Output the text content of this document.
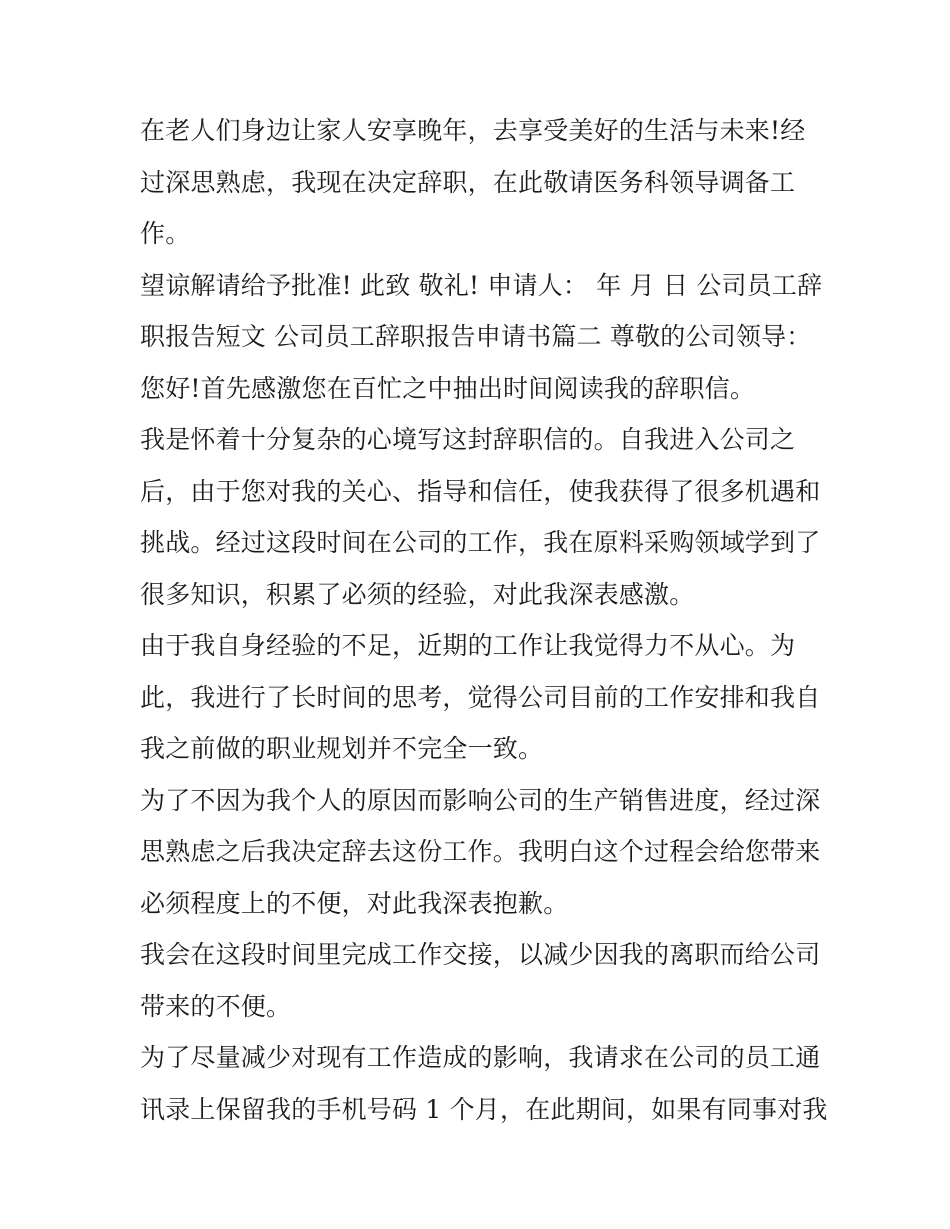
在老人们身边让家人安享晚年，去享受美好的生活与未来!经
过深思熟虑，我现在决定辞职，在此敬请医务科领导调备工
作。
望谅解请给予批准! 此致 敬礼! 申请人： 年 月 日 公司员工辞
职报告短文 公司员工辞职报告申请书篇二 尊敬的公司领导：
您好!首先感激您在百忙之中抽出时间阅读我的辞职信。
我是怀着十分复杂的心境写这封辞职信的。自我进入公司之
后，由于您对我的关心、指导和信任，使我获得了很多机遇和
挑战。经过这段时间在公司的工作，我在原料采购领域学到了
很多知识，积累了必须的经验，对此我深表感激。
由于我自身经验的不足，近期的工作让我觉得力不从心。为
此，我进行了长时间的思考，觉得公司目前的工作安排和我自
我之前做的职业规划并不完全一致。
为了不因为我个人的原因而影响公司的生产销售进度，经过深
思熟虑之后我决定辞去这份工作。我明白这个过程会给您带来
必须程度上的不便，对此我深表抱歉。
我会在这段时间里完成工作交接，以减少因我的离职而给公司
带来的不便。
为了尽量减少对现有工作造成的影响，我请求在公司的员工通
讯录上保留我的手机号码 1 个月，在此期间，如果有同事对我
